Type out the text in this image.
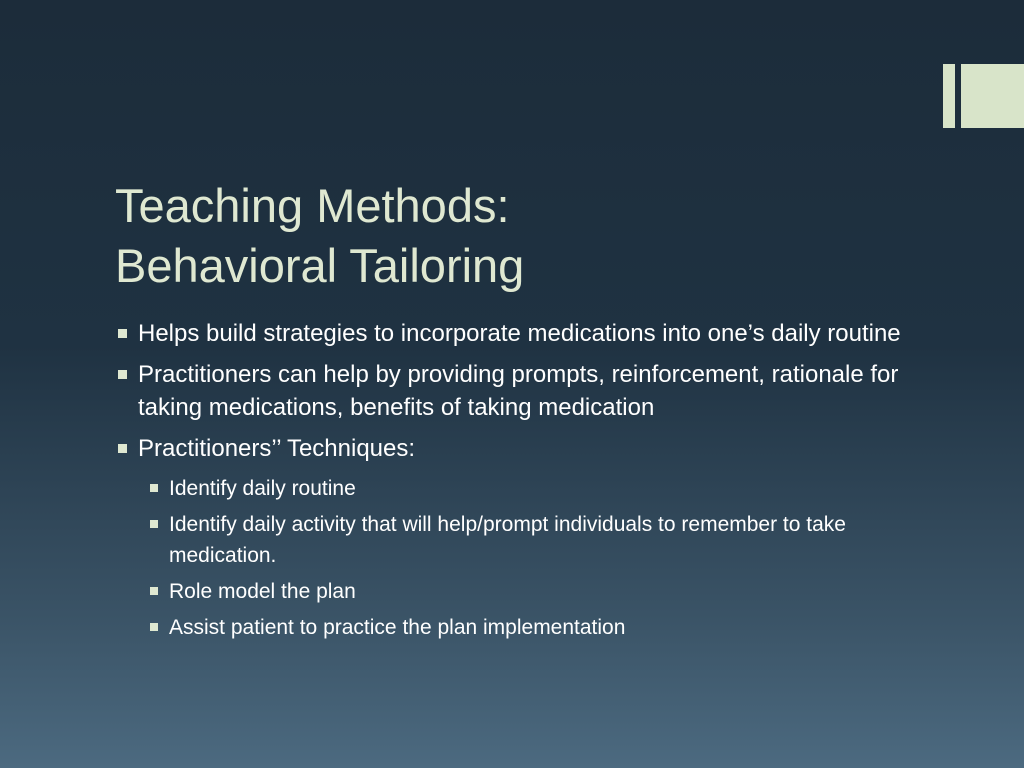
Teaching Methods:
Behavioral Tailoring
Helps build strategies to incorporate medications into one’s daily routine
Practitioners can help by providing prompts, reinforcement, rationale for taking medications, benefits of taking medication
Practitioners’’ Techniques:
Identify daily routine
Identify daily activity that will help/prompt individuals to remember to take medication.
Role model the plan
Assist patient to practice the plan implementation
